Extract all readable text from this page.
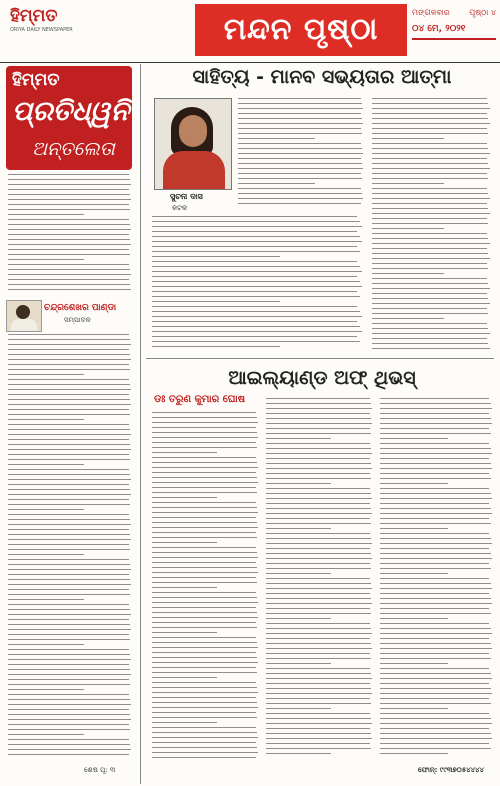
ହିମ୍ମତ
ORIYA DAILY NEWSPAPER	ମନ୍ଦନ ପୃଷ୍ଠା	ମଙ୍ଗଳବାର ପୃଷ୍ଠା ୪
୦୪ ମେ, ୨୦୨୧
ହିମ୍ମତ
ପ୍ରତିଧ୍ୱନି
ଅନ୍ତଲେତା
ଚନ୍ଦ୍ରଶେଖର ପାଣ୍ଡା
ସମ୍ପାଦକ
ଶେଷ ପୃ: ୩
ସାହିତ୍ୟ - ମାନବ ସଭ୍ୟତାର ଆତ୍ମା
ସୁଚନା ଦାସ
କଟକ
ଆଇଲ୍ୟାଣ୍ଡ ଅଫ୍ ଥିଭସ୍
ଡଃ ତରୁଣ କୁମାର ଘୋଷ
ଫୋନ୍: ୯୯୩୭୦୫୪୪୪୪
